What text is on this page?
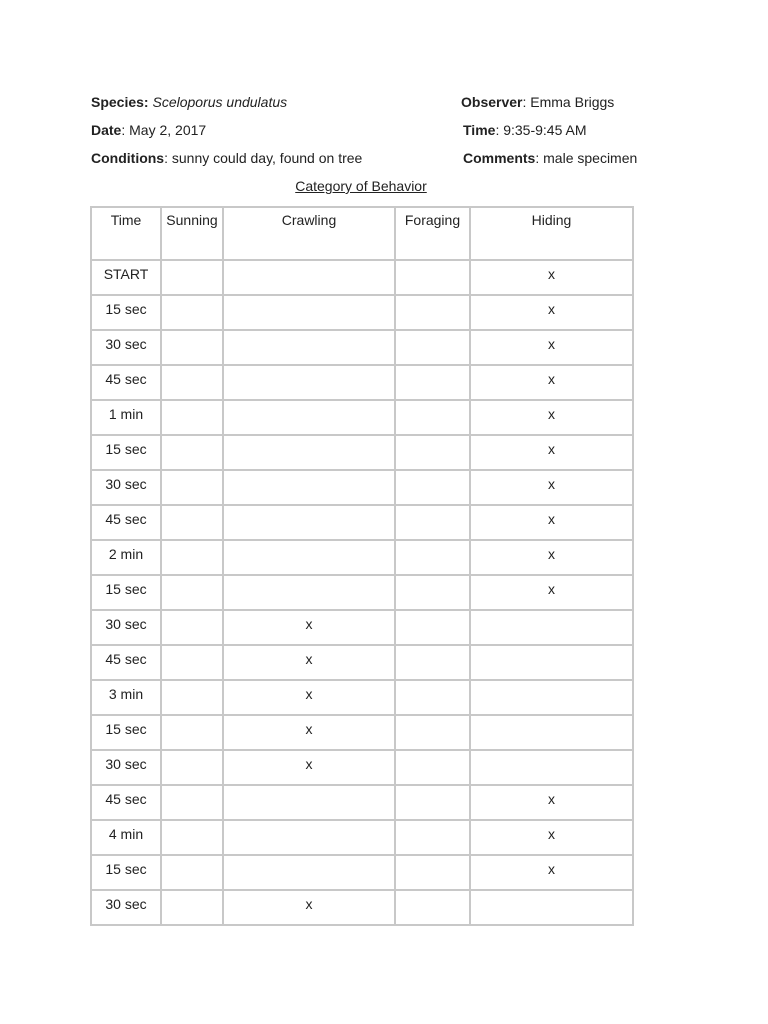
Species: Sceloporus undulatus	Observer: Emma Briggs
Date: May 2, 2017	Time: 9:35-9:45 AM
Conditions: sunny could day, found on tree	Comments: male specimen
Category of Behavior
Time	Sunning	Crawling	Foraging	Hiding
START				x
15 sec				x
30 sec				x
45 sec				x
1 min				x
15 sec				x
30 sec				x
45 sec				x
2 min				x
15 sec				x
30 sec		x		
45 sec		x		
3 min		x		
15 sec		x		
30 sec		x		
45 sec				x
4 min				x
15 sec				x
30 sec		x		
